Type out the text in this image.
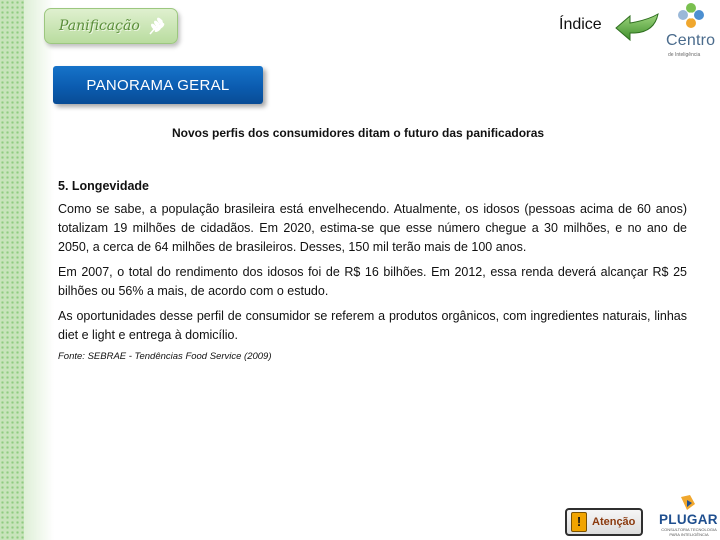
Panificação	Índice
Centro
de Inteligência
PANORAMA GERAL
Novos perfis dos consumidores ditam o futuro das panificadoras
5. Longevidade

Como se sabe, a população brasileira está envelhecendo. Atualmente, os idosos (pessoas acima de 60 anos) totalizam 19 milhões de cidadãos. Em 2020, estima-se que esse número chegue a 30 milhões, e no ano de 2050, a cerca de 64 milhões de brasileiros. Desses, 150 mil terão mais de 100 anos.

Em 2007, o total do rendimento dos idosos foi de R$ 16 bilhões. Em 2012, essa renda deverá alcançar R$ 25 bilhões ou 56% a mais, de acordo com o estudo.

As oportunidades desse perfil de consumidor se referem a produtos orgânicos, com ingredientes naturais, linhas diet e light e entrega à domicílio.

Fonte: SEBRAE - Tendências Food Service (2009)

! Atenção PLUGAR
CONSULTORIA TECNOLOGIA PARA INTELIGÊNCIA
